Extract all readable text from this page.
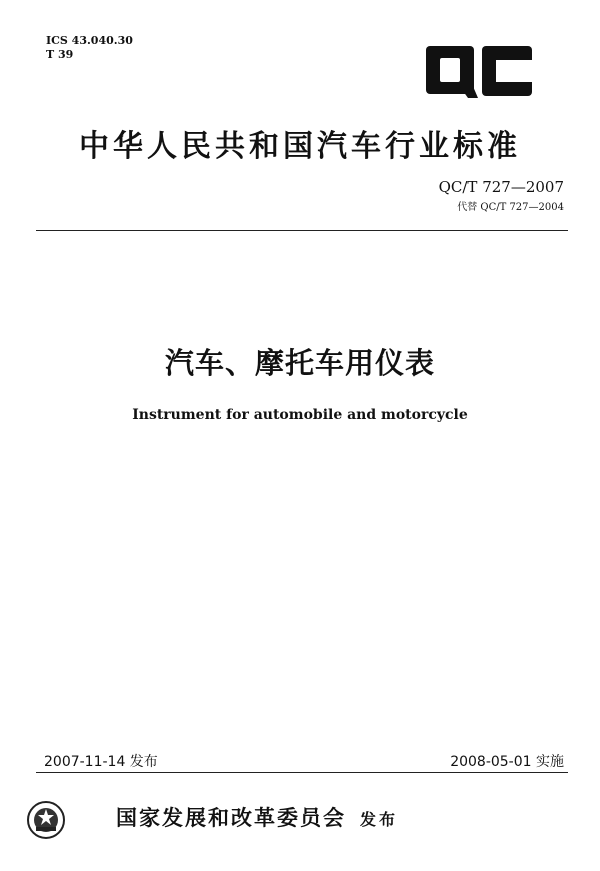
ICS 43.040.30
T 39
中华人民共和国汽车行业标准
QC/T 727—2007
代替 QC/T 727—2004
汽车、摩托车用仪表
Instrument for automobile and motorcycle
2007-11-14 发布	2008-05-01 实施
国家发展和改革委员会 发布
